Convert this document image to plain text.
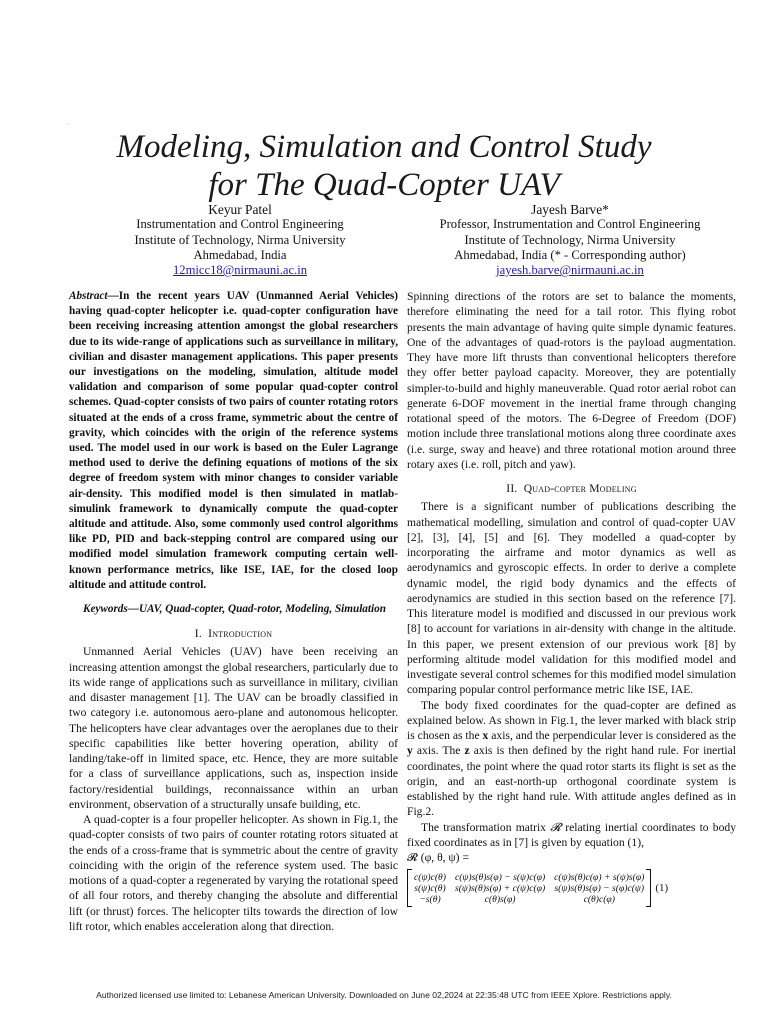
Modeling, Simulation and Control Study
for The Quad-Copter UAV
Keyur Patel
Instrumentation and Control Engineering
Institute of Technology, Nirma University
Ahmedabad, India
12micc18@nirmauni.ac.in
Jayesh Barve*
Professor, Instrumentation and Control Engineering
Institute of Technology, Nirma University
Ahmedabad, India (* - Corresponding author)
jayesh.barve@nirmauni.ac.in
Abstract—In the recent years UAV (Unmanned Aerial Vehicles) having quad-copter helicopter i.e. quad-copter configuration have been receiving increasing attention amongst the global researchers due to its wide-range of applications such as surveillance in military, civilian and disaster management applications. This paper presents our investigations on the modeling, simulation, altitude model validation and comparison of some popular quad-copter control schemes. Quad-copter consists of two pairs of counter rotating rotors situated at the ends of a cross frame, symmetric about the centre of gravity, which coincides with the origin of the reference systems used. The model used in our work is based on the Euler Lagrange method used to derive the defining equations of motions of the six degree of freedom system with minor changes to consider variable air-density. This modified model is then simulated in matlab-simulink framework to dynamically compute the quad-copter altitude and attitude. Also, some commonly used control algorithms like PD, PID and back-stepping control are compared using our modified model simulation framework computing certain well-known performance metrics, like ISE, IAE, for the closed loop altitude and attitude control.
Keywords—UAV, Quad-copter, Quad-rotor, Modeling, Simulation
I. Introduction

Unmanned Aerial Vehicles (UAV) have been receiving an increasing attention amongst the global researchers, particularly due to its wide range of applications such as surveillance in military, civilian and disaster management [1]. The UAV can be broadly classified in two category i.e. autonomous aero-plane and autonomous helicopter. The helicopters have clear advantages over the aeroplanes due to their specific capabilities like better hovering operation, ability of landing/take-off in limited space, etc. Hence, they are more suitable for a class of surveillance applications, such as, inspection inside factory/residential buildings, reconnaissance within an urban environment, observation of a structurally unsafe building, etc.

A quad-copter is a four propeller helicopter. As shown in Fig.1, the quad-copter consists of two pairs of counter rotating rotors situated at the ends of a cross-frame that is symmetric about the centre of gravity coinciding with the origin of the reference system used. The basic motions of a quad-copter a regenerated by varying the rotational speed of all four rotors, and thereby changing the absolute and differential lift (or thrust) forces. The helicopter tilts towards the direction of low lift rotor, which enables acceleration along that direction.

Spinning directions of the rotors are set to balance the moments, therefore eliminating the need for a tail rotor. This flying robot presents the main advantage of having quite simple dynamic features. One of the advantages of quad-rotors is the payload augmentation. They have more lift thrusts than conventional helicopters therefore they offer better payload capacity. Moreover, they are potentially simpler-to-build and highly maneuverable. Quad rotor aerial robot can generate 6-DOF movement in the inertial frame through changing rotational speed of the motors. The 6-Degree of Freedom (DOF) motion include three translational motions along three coordinate axes (i.e. surge, sway and heave) and three rotational motion around three rotary axes (i.e. roll, pitch and yaw).

II. Quad-copter Modeling

There is a significant number of publications describing the mathematical modelling, simulation and control of quad-copter UAV [2], [3], [4], [5] and [6]. They modelled a quad-copter by incorporating the airframe and motor dynamics as well as aerodynamics and gyroscopic effects. In order to derive a complete dynamic model, the rigid body dynamics and the effects of aerodynamics are studied in this section based on the reference [7]. This literature model is modified and discussed in our previous work [8] to account for variations in air-density with change in the altitude. In this paper, we present extension of our previous work [8] by performing altitude model validation for this modified model and investigate several control schemes for this modified model simulation comparing popular control performance metric like ISE, IAE.

The body fixed coordinates for the quad-copter are defined as explained below. As shown in Fig.1, the lever marked with black strip is chosen as the x axis, and the perpendicular lever is considered as the y axis. The z axis is then defined by the right hand rule. For inertial coordinates, the point where the quad rotor starts its flight is set as the origin, and an east-north-up orthogonal coordinate system is established by the right hand rule. With attitude angles defined as in Fig.2.

The transformation matrix 𝓡 relating inertial coordinates to body fixed coordinates as in [7] is given by equation (1),

𝓡 (φ, θ, ψ) =
c(ψ)c(θ) c(ψ)s(θ)s(φ) − s(ψ)c(φ) c(ψ)s(θ)c(φ) + s(ψ)s(φ)
s(ψ)c(θ) s(ψ)s(θ)s(φ) + c(ψ)c(φ) s(ψ)s(θ)s(φ) − s(φ)c(ψ)
−s(θ)	c(θ)s(φ)	c(θ)c(φ)
(1)
Authorized licensed use limited to: Lebanese American University. Downloaded on June 02,2024 at 22:35:48 UTC from IEEE Xplore. Restrictions apply.
